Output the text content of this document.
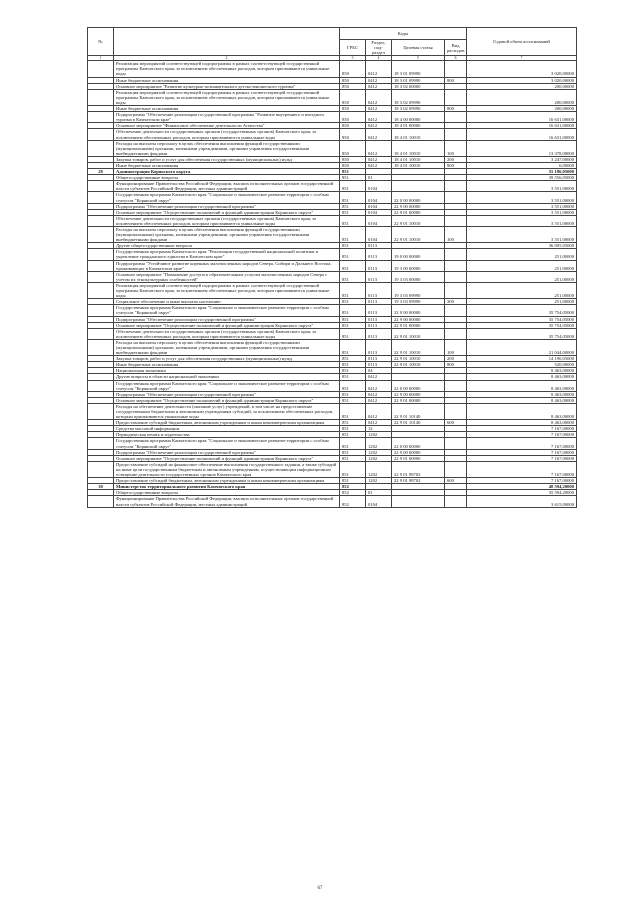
№		Коды				Годовой объем ассигнований
		ГРБС	Раздел, под-раздел	Целевая статья	Вид расходов	
1	2	3	4	5	6	7
	Реализация мероприятий соответствующей подпрограммы в рамках соответствующей государственной программы Камчатского края, за исключением обеспеченных расходов, которым присваиваются уникальные коды	850	0412	18 3 01 09990		3 020,00000
	Иные бюджетные ассигнования	850	0412	18 3 01 09990	800	3 020,00000
	Основное мероприятие "Развитие культурно-познавательного детско-юношеского туризма"	850	0412	18 3 02 00000		200,00000
	Реализация мероприятий соответствующей подпрограммы в рамках соответствующей государственной программы Камчатского края, за исключением обеспеченных расходов, которым присваиваются уникальные коды	850	0412	18 3 02 09990		200,00000
	Иные бюджетные ассигнования	850	0412	18 3 02 09990	800	200,00000
	Подпрограмма "Обеспечение реализации государственной программы "Развитие внутреннего и въездного туризма в Камчатском крае"	850	0412	18 4 00 00000		16 631,00000
	Основное мероприятие "Финансовое обеспечение деятельности Агентства"	850	0412	18 4 01 00000		16 631,00000
	Обеспечение деятельности государственных органов (государственных органов) Камчатского края, за исключением обеспеченных расходов, которым присваиваются уникальные коды	850	0412	18 4 01 10010		16 631,00000
	Расходы на выплаты персоналу в целях обеспечения выполнения функций государственными (муниципальными) органами, казенными учреждениями, органами управления государственными внебюджетными фондами	850	0412	18 4 01 10010	100	13 378,00000
	Закупка товаров, работ и услуг для обеспечения государственных (муниципальных) нужд	850	0412	18 4 01 10010	200	3 247,00000
	Иные бюджетные ассигнования	850	0412	18 4 01 10010	800	6,00000
28	Администрация Корякского округа	851				55 186,05000
	Общегосударственные вопросы	851	01			39 556,05000
	Функционирование Правительства Российской Федерации, высших исполнительных органов государственной власти субъектов Российской Федерации, местных администраций	851	0104			3 551,00000
	Государственная программа Камчатского края "Социальное и экономическое развитие территории с особым статусом "Корякский округ"	851	0104	22 0 00 00000		3 551,00000
	Подпрограмма "Обеспечение реализации государственной программы"	851	0104	22 9 00 00000		3 551,00000
	Основное мероприятие "Осуществление полномочий и функций администрации Корякского округа"	851	0104	22 9 01 00000		3 551,00000
	Обеспечение деятельности государственных органов (государственных органов) Камчатского края, за исключением обеспеченных расходов, которым присваиваются уникальные коды	851	0104	22 9 01 10010		3 551,00000
	Расходы на выплаты персоналу в целях обеспечения выполнения функций государственными (муниципальными) органами, казенными учреждениями, органами управления государственными внебюджетными фондами	851	0104	22 9 01 10010	100	3 551,00000
	Другие общегосударственные вопросы	851	0113			36 005,05000
	Государственная программа Камчатского края "Реализация государственной национальной политики и укрепление гражданского единства в Камчатском крае"	851	0113	19 0 00 00000		251,00000
	Подпрограмма "Устойчивое развитие коренных малочисленных народов Севера, Сибири и Дальнего Востока, проживающих в Камчатском крае"	851	0113	19 3 00 00000		251,00000
	Основное мероприятие "Повышение доступа к образовательным услугам малочисленных народов Севера с учетом их этнокультурных особенностей"	851	0113	19 3 03 00000		251,00000
	Реализация мероприятий соответствующей подпрограммы в рамках соответствующей государственной программы Камчатского края, за исключением обеспеченных расходов, которым присваиваются уникальные коды	851	0113	19 3 03 09990		251,00000
	Социальное обеспечение и иные выплаты населению	851	0113	19 3 03 09990	300	251,00000
	Государственная программа Камчатского края "Социальное и экономическое развитие территории с особым статусом "Корякский округ"	851	0113	22 0 00 00000		35 754,05000
	Подпрограмма "Обеспечение реализации государственной программы"	851	0113	22 9 00 00000		35 754,05000
	Основное мероприятие "Осуществление полномочий и функций администрации Корякского округа"	851	0113	22 9 01 00000		35 754,05000
	Обеспечение деятельности государственных органов (государственных органов) Камчатского края, за исключением обеспеченных расходов, которым присваиваются уникальные коды	851	0113	22 9 01 10010		35 754,05000
	Расходы на выплаты персоналу в целях обеспечения выполнения функций государственными (муниципальными) органами, казенными учреждениями, органами управления государственными внебюджетными фондами	851	0113	22 9 01 10010	100	21 044,00000
	Закупка товаров, работ и услуг для обеспечения государственных (муниципальных) нужд	851	0113	22 9 01 10010	200	14 190,05000
	Иные бюджетные ассигнования	851	0113	22 9 01 10010	800	520,00000
	Национальная экономика	851	04			8 463,00000
	Другие вопросы в области национальной экономики	851	0412			8 463,00000
	Государственная программа Камчатского края "Социальное и экономическое развитие территории с особым статусом "Корякский округ"	851	0412	22 0 00 00000		8 463,00000
	Подпрограмма "Обеспечение реализации государственной программы"	851	0412	22 9 00 00000		8 463,00000
	Основное мероприятие "Осуществление полномочий и функций администрации Корякского округа"	851	0412	22 9 01 00000		8 463,00000
	Расходы на обеспечение деятельности (оказание услуг) учреждений, в том числе на предоставление государственным бюджетным и автономным учреждениям субсидий, за исключением обеспеченных расходов, которым присваиваются уникальные коды	851	0412	22 9 01 10140		8 463,00000
	Предоставление субсидий бюджетным, автономным учреждениям и иным некоммерческим организациям	851	0412	22 9 01 10140	600	8 463,00000
	Средства массовой информации	851	12			7 167,00000
	Периодическая печать и издательства	851	1202			7 167,00000
	Государственная программа Камчатского края "Социальное и экономическое развитие территории с особым статусом "Корякский округ"	851	1202	22 0 00 00000		7 167,00000
	Подпрограмма "Обеспечение реализации государственной программы"	851	1202	22 9 00 00000		7 167,00000
	Основное мероприятие "Осуществление полномочий и функций администрации Корякского округа"	851	1202	22 9 01 00000		7 167,00000
	Предоставление субсидий на финансовое обеспечение выполнения государственного задания, а также субсидий на иные цели государственным бюджетным и автономным учреждениям, осуществляющим информационное освещение деятельности государственных органов Камчатского края	851	1202	22 9 01 98702		7 167,00000
	Предоставление субсидий бюджетным, автономным учреждениям и иным некоммерческим организациям	851	1202	22 9 01 98702	600	7 167,00000
30	Министерство территориального развития Камчатского края	852				48 594,20000
	Общегосударственные вопросы	852	01			35 594,20000
	Функционирование Правительства Российской Федерации, высших исполнительных органов государственной власти субъектов Российской Федерации, местных администраций	852	0104			3 615,00000
67
